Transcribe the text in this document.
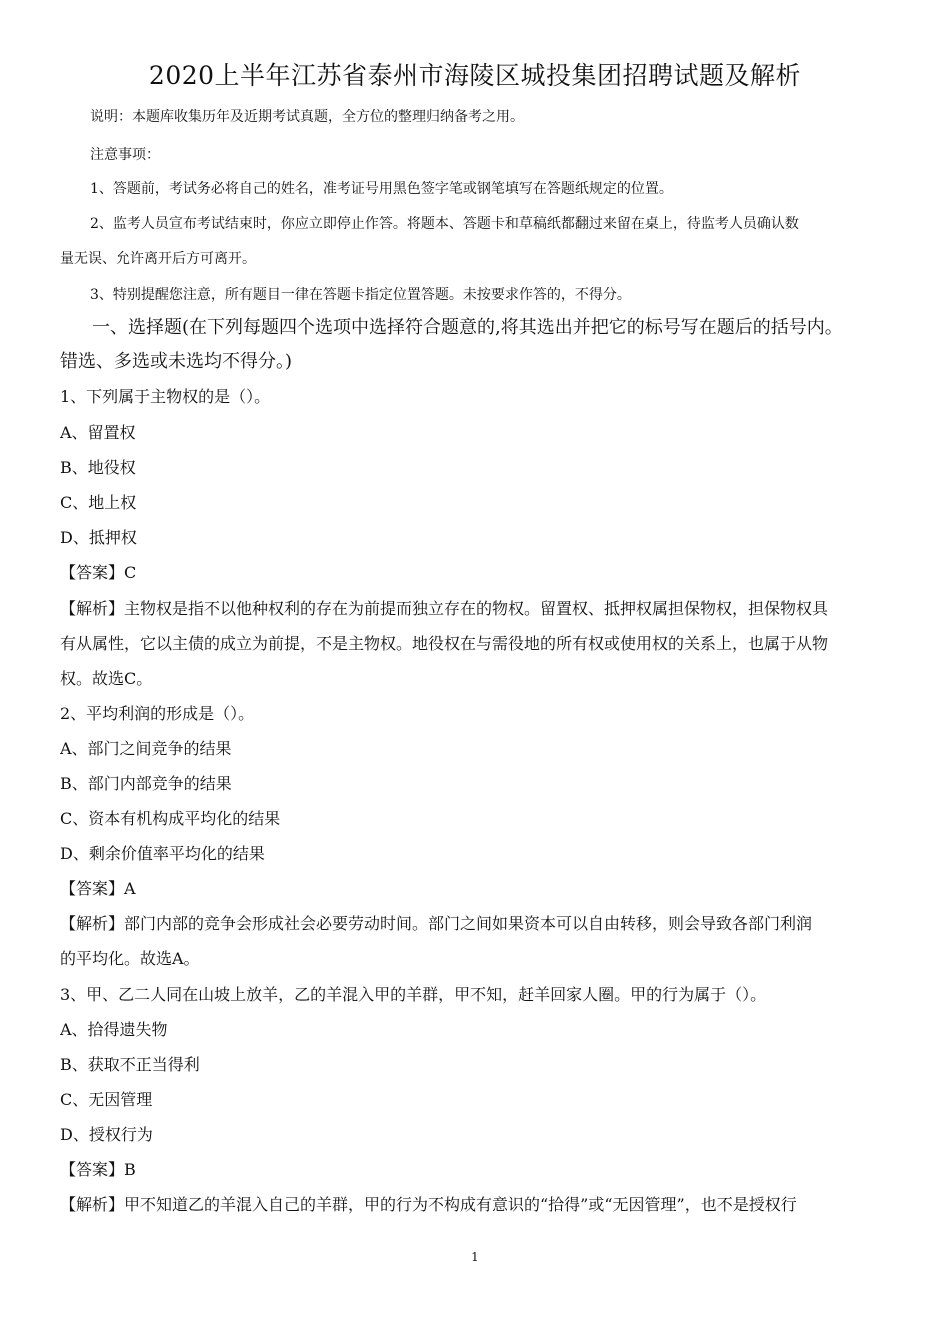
2020上半年江苏省泰州市海陵区城投集团招聘试题及解析
说明：本题库收集历年及近期考试真题，全方位的整理归纳备考之用。
注意事项：
1、答题前，考试务必将自己的姓名，准考证号用黑色签字笔或钢笔填写在答题纸规定的位置。
2、监考人员宣布考试结束时，你应立即停止作答。将题本、答题卡和草稿纸都翻过来留在桌上，待监考人员确认数
量无误、允许离开后方可离开。
3、特别提醒您注意，所有题目一律在答题卡指定位置答题。未按要求作答的，不得分。
一、选择题(在下列每题四个选项中选择符合题意的,将其选出并把它的标号写在题后的括号内。
错选、多选或未选均不得分。)
1、下列属于主物权的是（）。
A、留置权
B、地役权
C、地上权
D、抵押权
【答案】C
【解析】主物权是指不以他种权利的存在为前提而独立存在的物权。留置权、抵押权属担保物权，担保物权具
有从属性，它以主债的成立为前提，不是主物权。地役权在与需役地的所有权或使用权的关系上，也属于从物
权。故选C。
2、平均利润的形成是（）。
A、部门之间竞争的结果
B、部门内部竞争的结果
C、资本有机构成平均化的结果
D、剩余价值率平均化的结果
【答案】A
【解析】部门内部的竞争会形成社会必要劳动时间。部门之间如果资本可以自由转移，则会导致各部门利润
的平均化。故选A。
3、甲、乙二人同在山坡上放羊，乙的羊混入甲的羊群，甲不知，赶羊回家人圈。甲的行为属于（）。
A、拾得遗失物
B、获取不正当得利
C、无因管理
D、授权行为
【答案】B
【解析】甲不知道乙的羊混入自己的羊群，甲的行为不构成有意识的“拾得”或“无因管理”，也不是授权行
1
